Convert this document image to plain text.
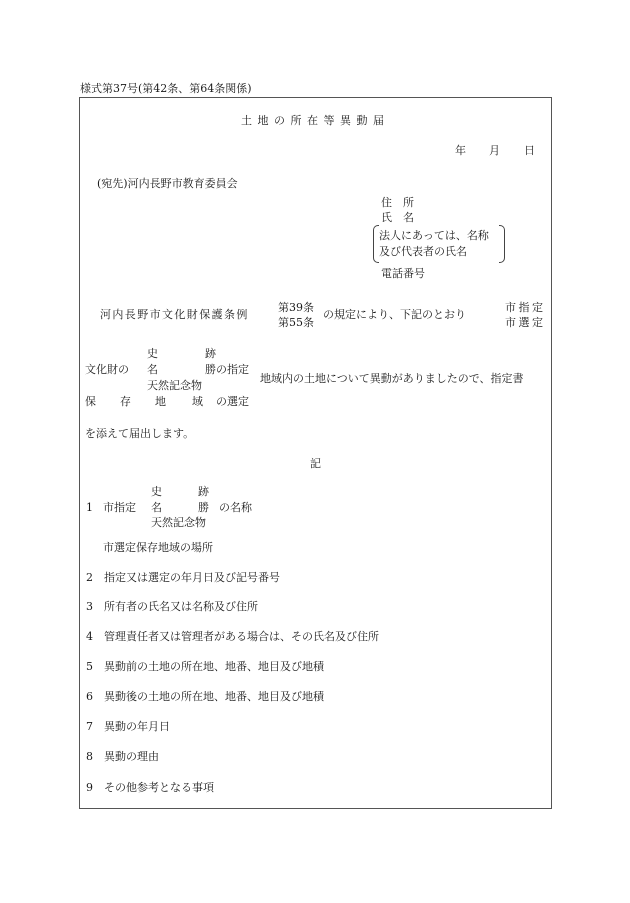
様式第37号(第42条、第64条関係)
土地の所在等異動届
年 月 日
(宛先)河内長野市教育委員会
住　所
氏　名
法人にあっては、名称
及び代表者の氏名
電話番号
河内長野市文化財保護条例
第39条
第55条
の規定により、下記のとおり
市指定
市選定
史	跡
文化財の 名	勝 の指定
天然記念物
地域内の土地について異動がありましたので、指定書
保 存 地 域 の選定
を添えて届出します。
記
史	跡
1 市指定 名	勝 の名称
天然記念物
市選定保存地域の場所
2　指定又は選定の年月日及び記号番号
3　所有者の氏名又は名称及び住所
4　管理責任者又は管理者がある場合は、その氏名及び住所
5　異動前の土地の所在地、地番、地目及び地積
6　異動後の土地の所在地、地番、地目及び地積
7　異動の年月日
8　異動の理由
9　その他参考となる事項
